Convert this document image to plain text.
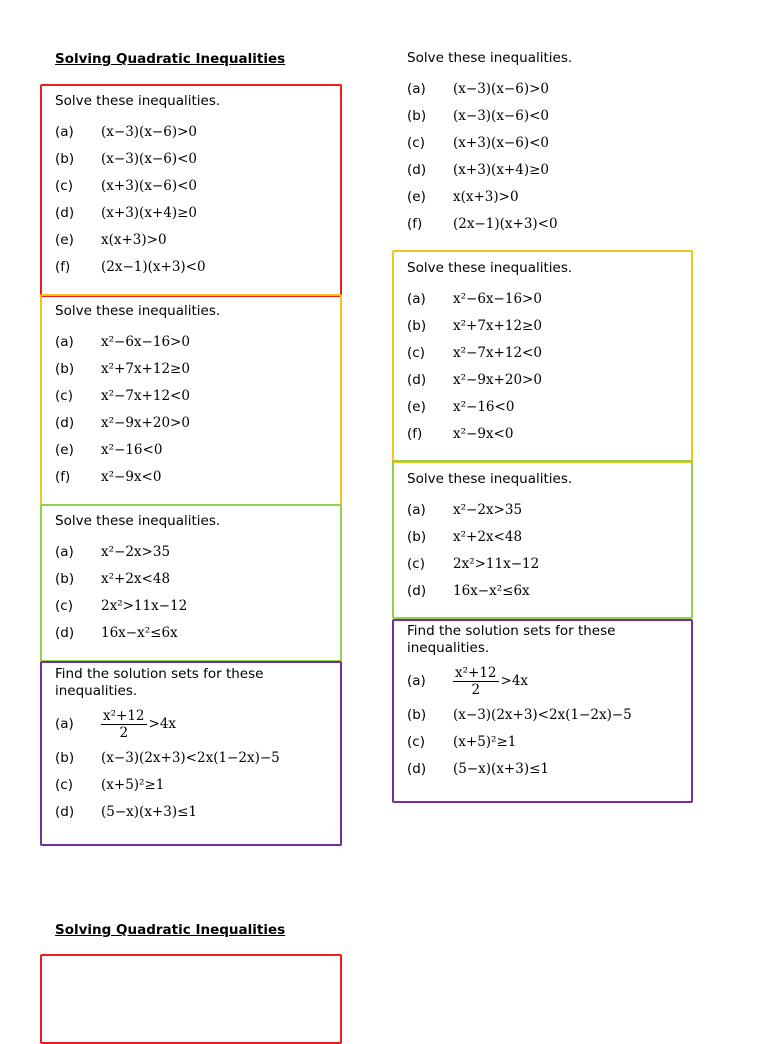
Solving Quadratic Inequalities
Solving Quadratic Inequalities
Solve these inequalities.
(a)	(x−3)(x−6)>0
(b)	(x−3)(x−6)<0
(c)	(x+3)(x−6)<0
(d)	(x+3)(x+4)≥0
(e)	x(x+3)>0
(f)	(2x−1)(x+3)<0
Solve these inequalities.
(a)	x²−6x−16>0
(b)	x²+7x+12≥0
(c)	x²−7x+12<0
(d)	x²−9x+20>0
(e)	x²−16<0
(f)	x²−9x<0
Solve these inequalities.
(a)	x²−2x>35
(b)	x²+2x<48
(c)	2x²>11x−12
(d)	16x−x²≤6x
Find the solution sets for these inequalities.
(a)	$\frac{\text{x²+12}}{2} >4x$
(b)	(x−3)(2x+3)<2x(1−2x)−5
(c)	(x+5)²≥1
(d)	(5−x)(x+3)≤1
Solve these inequalities.
(a)	(x−3)(x−6)>0
(b)	(x−3)(x−6)<0
(c)	(x+3)(x−6)<0
(d)	(x+3)(x+4)≥0
(e)	x(x+3)>0
(f)	(2x−1)(x+3)<0
Solve these inequalities.
(a)	x²−6x−16>0
(b)	x²+7x+12≥0
(c)	x²−7x+12<0
(d)	x²−9x+20>0
(e)	x²−16<0
(f)	x²−9x<0
Solve these inequalities.
(a)	x²−2x>35
(b)	x²+2x<48
(c)	2x²>11x−12
(d)	16x−x²≤6x
Find the solution sets for these inequalities.
(a)	$\frac{\text{x²+12}}{2} >4x$
(b)	(x−3)(2x+3)<2x(1−2x)−5
(c)	(x+5)²≥1
(d)	(5−x)(x+3)≤1
